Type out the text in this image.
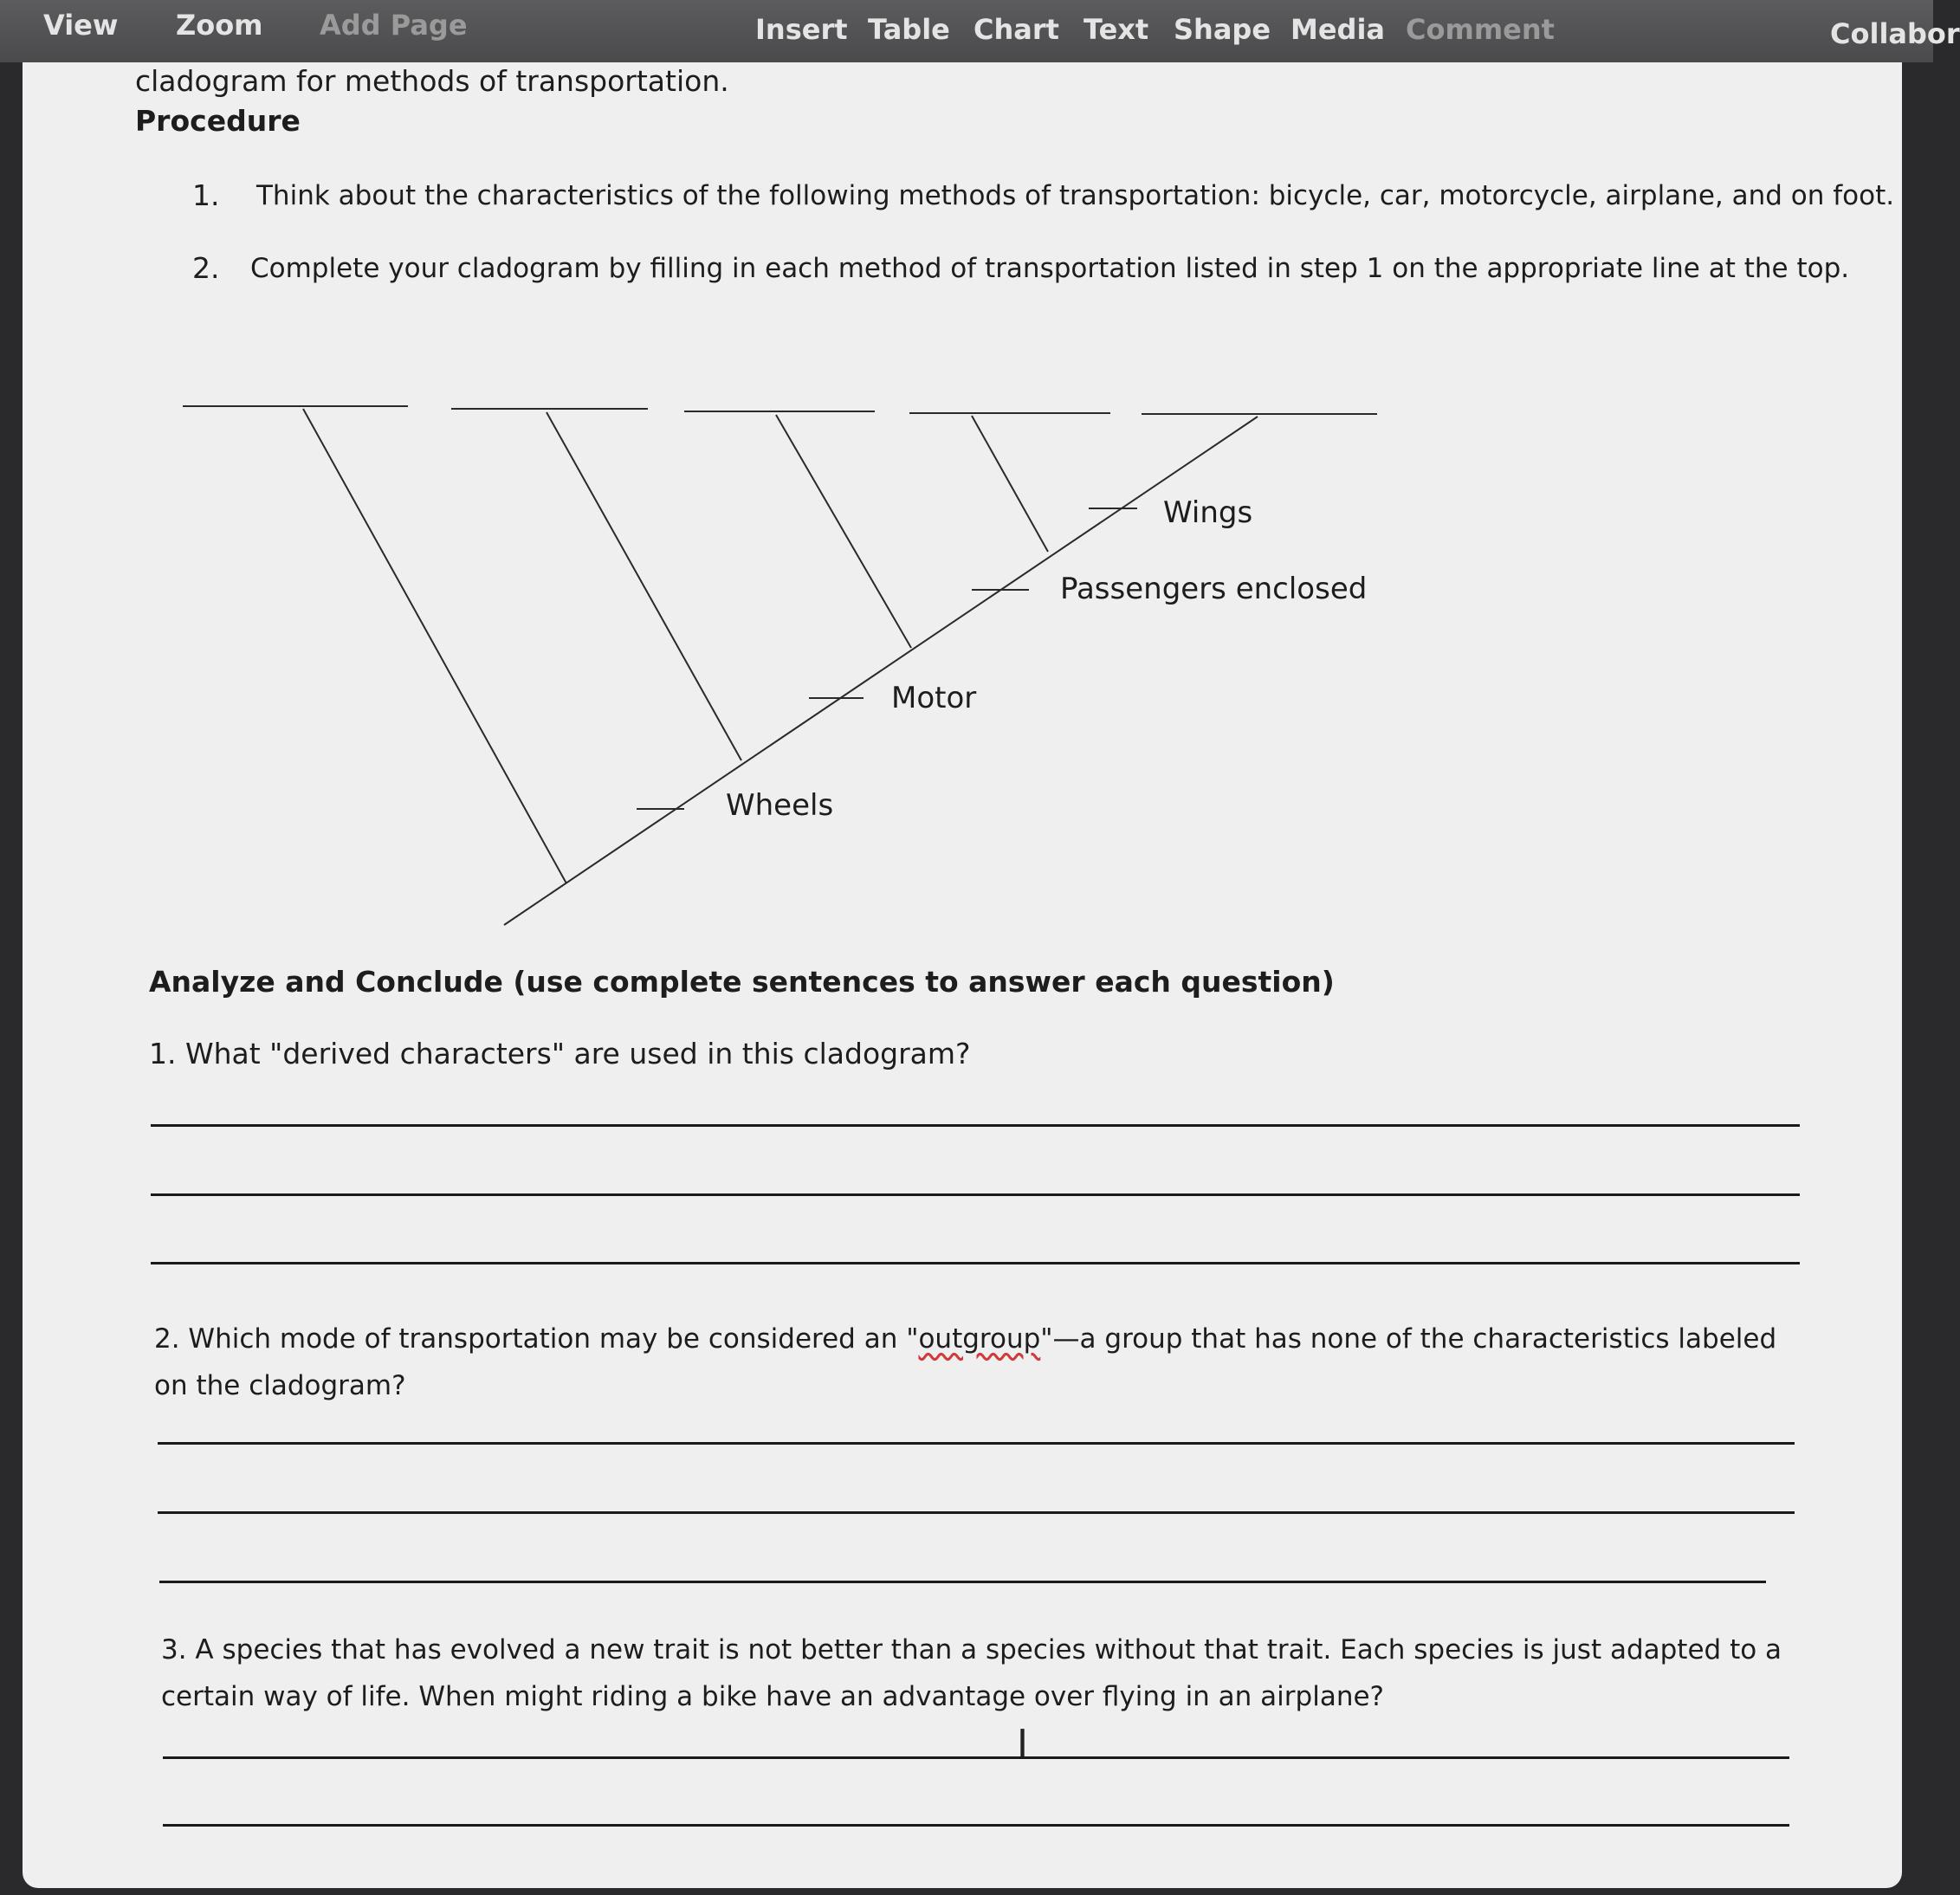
View Zoom Add Page	Insert Table Chart Text Shape Media Comment	Collabor
cladogram for methods of transportation.
Procedure
1. Think about the characteristics of the following methods of transportation: bicycle, car, motorcycle, airplane, and on foot.
2. Complete your cladogram by filling in each method of transportation listed in step 1 on the appropriate line at the top.
Wheels
Motor
Passengers enclosed
Wings
Analyze and Conclude (use complete sentences to answer each question)
1. What "derived characters" are used in this cladogram?
2. Which mode of transportation may be considered an "outgroup"—a group that has none of the characteristics labeled on the cladogram?
3. A species that has evolved a new trait is not better than a species without that trait. Each species is just adapted to a certain way of life. When might riding a bike have an advantage over flying in an airplane?
I
